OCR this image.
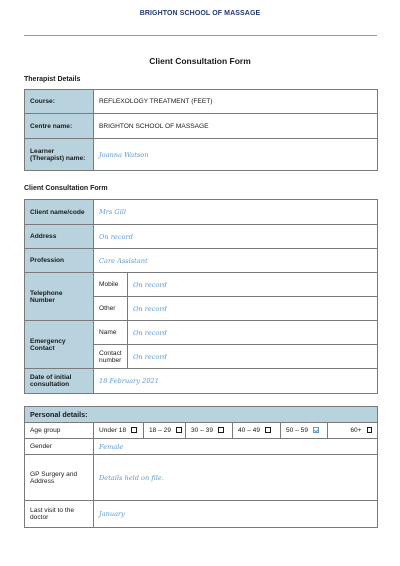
BRIGHTON SCHOOL OF MASSAGE
Client Consultation Form
Therapist Details
Course:	REFLEXOLOGY TREATMENT (FEET)
Centre name:	BRIGHTON SCHOOL OF MASSAGE
Learner (Therapist) name:	Joanna Watson
Client Consultation Form
Client name/code	Mrs Gill	
Address	On record	
Profession	Care Assistant	
Telephone Number	Mobile	On record
	Other	On record
Emergency Contact	Name	On record
	Contact number	On record
Date of initial consultation	18 February 2021	
Personal details:						
Age group	Under 18	18 – 29	30 – 39	40 – 49	50 – 59	60+
Gender	Female					
GP Surgery and Address	Details held on file.					
Last visit to the doctor	January					
